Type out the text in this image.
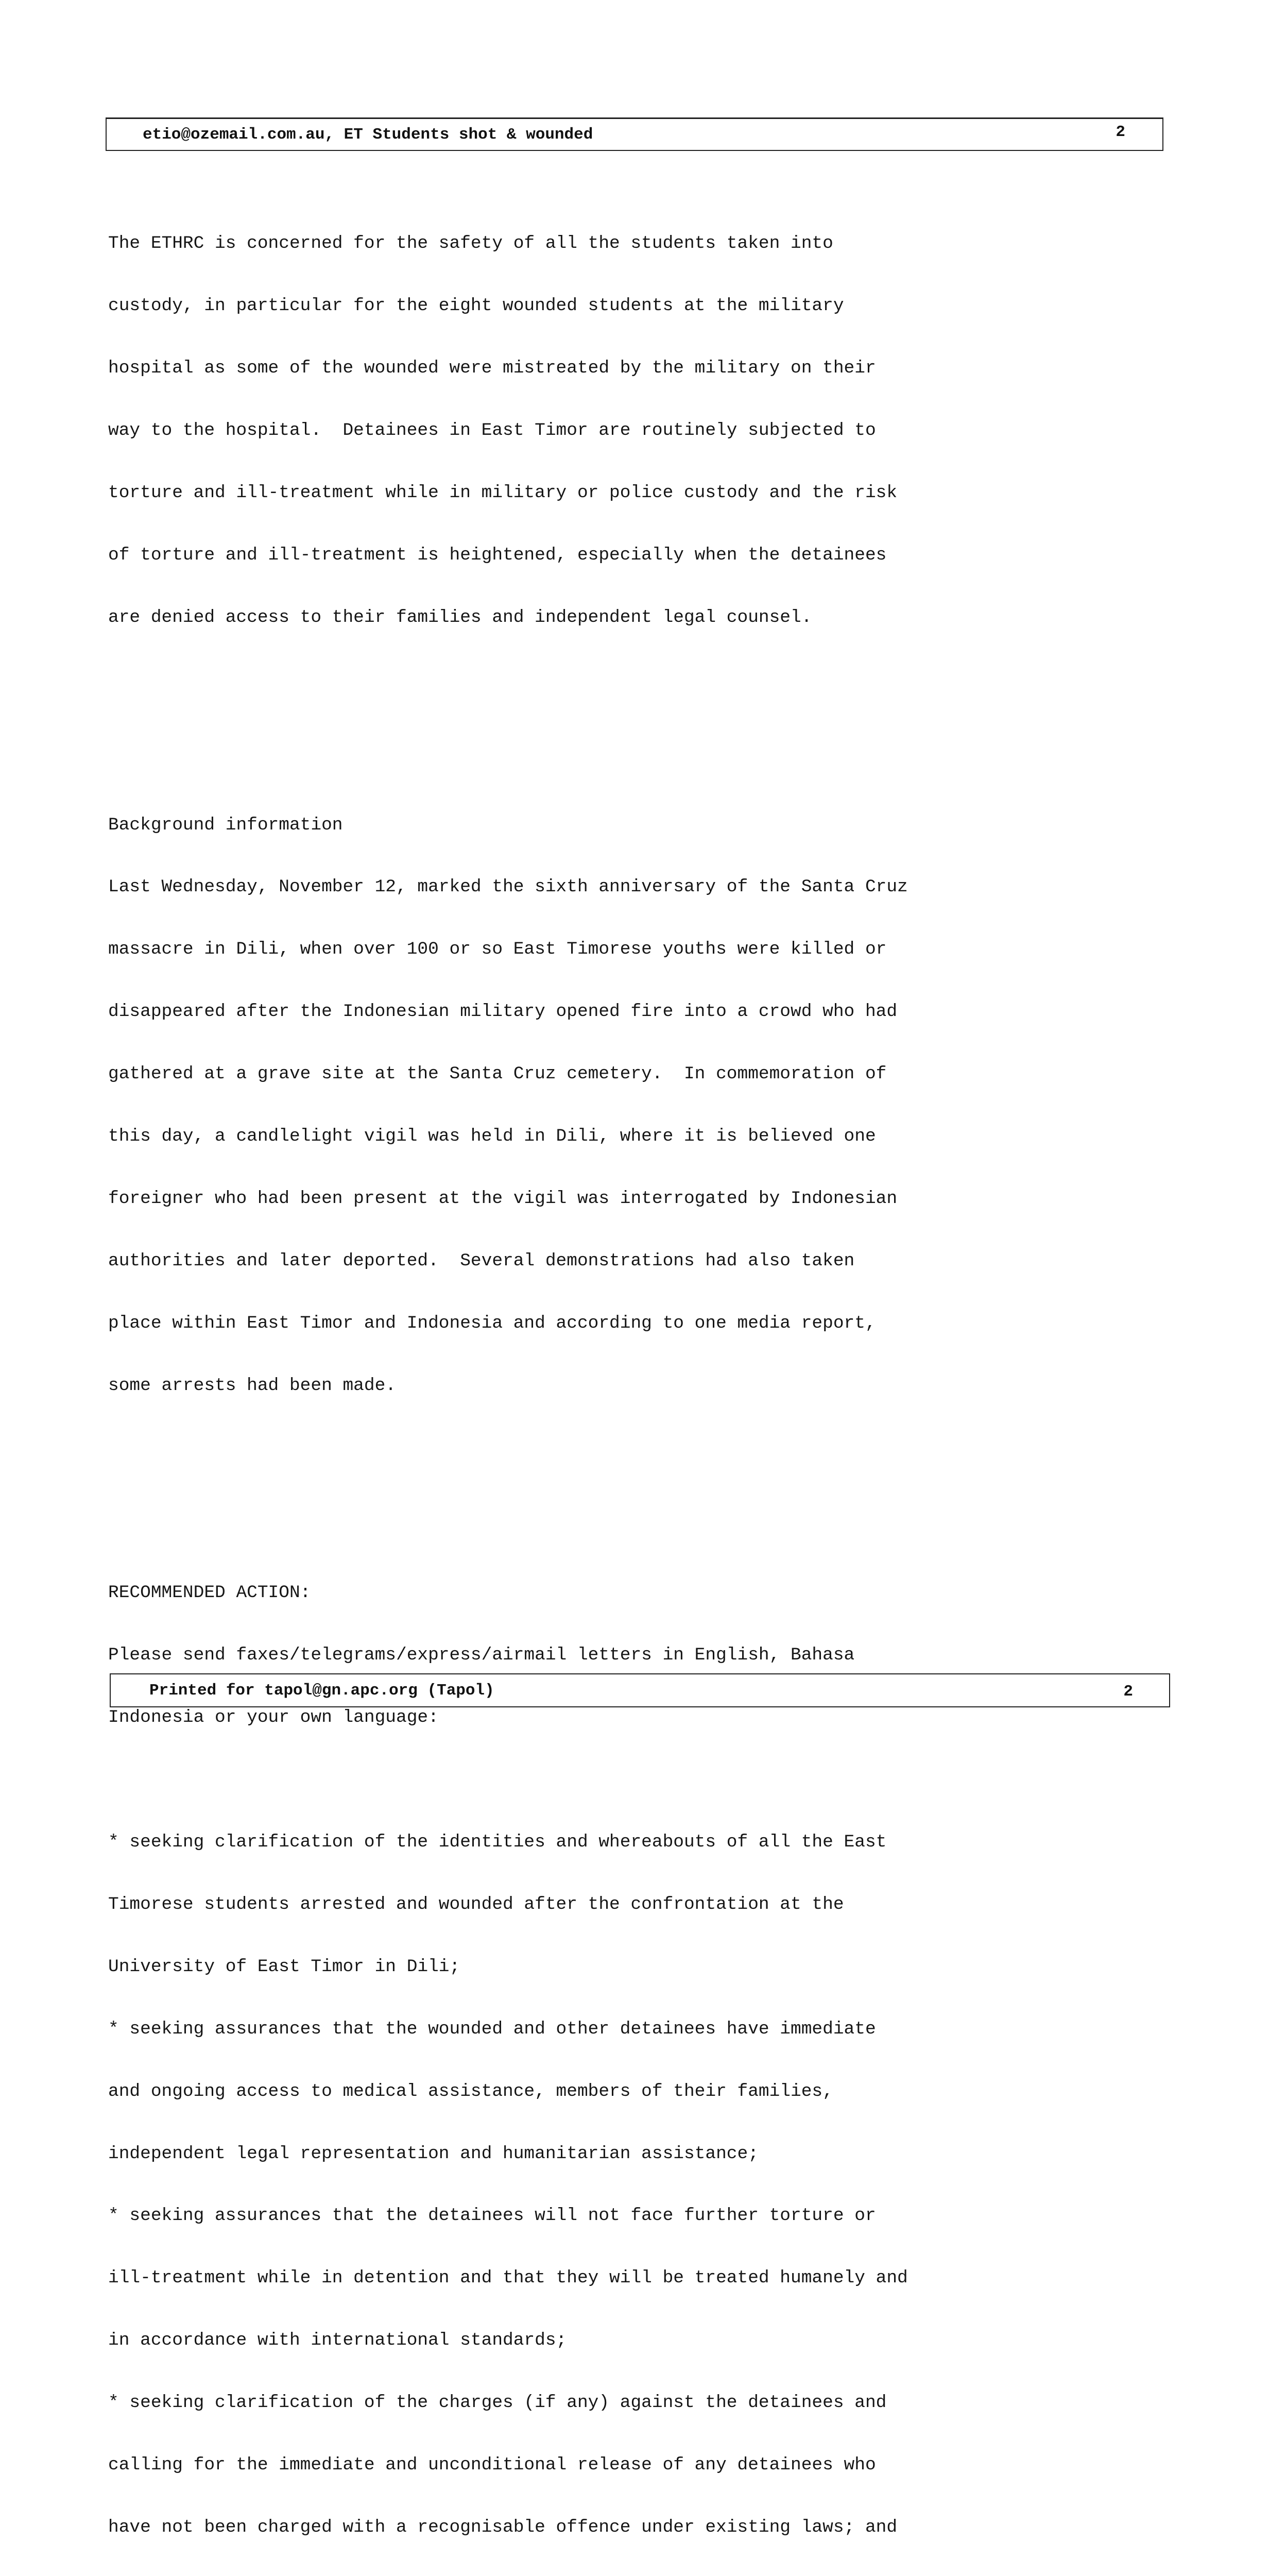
etio@ozemail.com.au, ET Students shot & wounded	2

The ETHRC is concerned for the safety of all the students taken into

custody, in particular for the eight wounded students at the military

hospital as some of the wounded were mistreated by the military on their

way to the hospital.  Detainees in East Timor are routinely subjected to

torture and ill-treatment while in military or police custody and the risk

of torture and ill-treatment is heightened, especially when the detainees

are denied access to their families and independent legal counsel.

Background information

Last Wednesday, November 12, marked the sixth anniversary of the Santa Cruz

massacre in Dili, when over 100 or so East Timorese youths were killed or

disappeared after the Indonesian military opened fire into a crowd who had

gathered at a grave site at the Santa Cruz cemetery.  In commemoration of

this day, a candlelight vigil was held in Dili, where it is believed one

foreigner who had been present at the vigil was interrogated by Indonesian

authorities and later deported.  Several demonstrations had also taken

place within East Timor and Indonesia and according to one media report,

some arrests had been made.

RECOMMENDED ACTION:

Please send faxes/telegrams/express/airmail letters in English, Bahasa

Indonesia or your own language:

* seeking clarification of the identities and whereabouts of all the East

Timorese students arrested and wounded after the confrontation at the

University of East Timor in Dili;

* seeking assurances that the wounded and other detainees have immediate

and ongoing access to medical assistance, members of their families,

independent legal representation and humanitarian assistance;

* seeking assurances that the detainees will not face further torture or

ill-treatment while in detention and that they will be treated humanely and

in accordance with international standards;

* seeking clarification of the charges (if any) against the detainees and

calling for the immediate and unconditional release of any detainees who

have not been charged with a recognisable offence under existing laws; and

Printed for tapol@gn.apc.org (Tapol)	2
